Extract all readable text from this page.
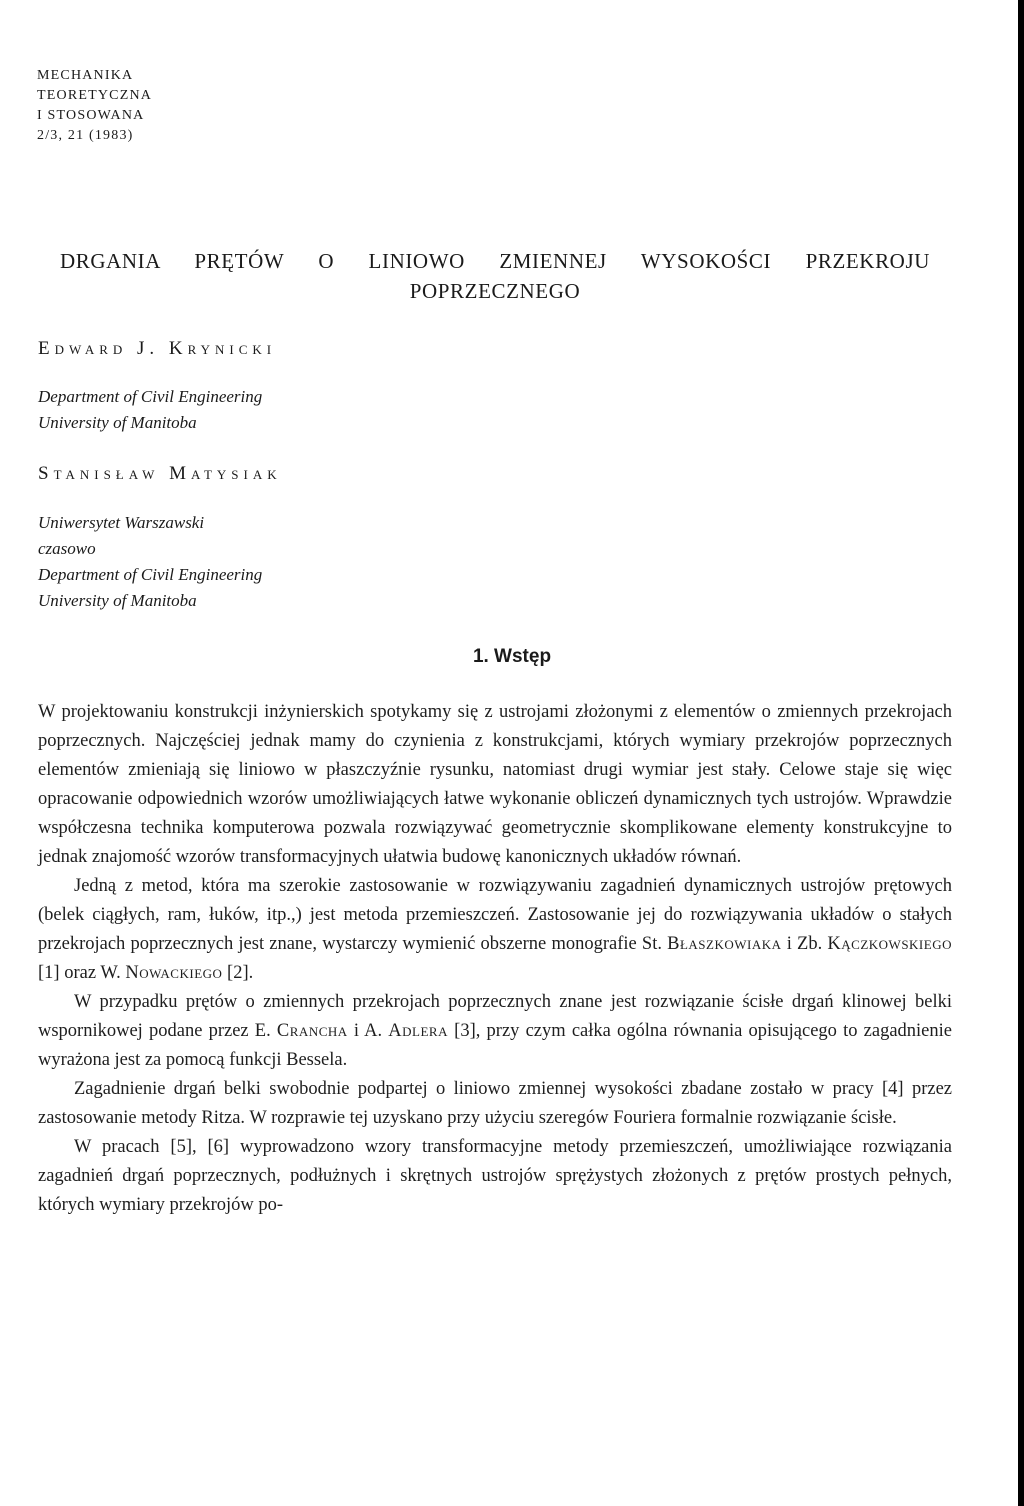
MECHANIKA
TEORETYCZNA
I STOSOWANA
2/3, 21 (1983)
DRGANIA PRĘTÓW O LINIOWO ZMIENNEJ WYSOKOŚCI PRZEKROJU
POPRZECZNEGO
Edward J. Krynicki
Department of Civil Engineering
University of Manitoba
Stanisław Matysiak
Uniwersytet Warszawski
czasowo
Department of Civil Engineering
University of Manitoba
1. Wstęp

W projektowaniu konstrukcji inżynierskich spotykamy się z ustrojami złożonymi z elementów o zmiennych przekrojach poprzecznych. Najczęściej jednak mamy do czynienia z konstrukcjami, których wymiary przekrojów poprzecznych elementów zmieniają się liniowo w płaszczyźnie rysunku, natomiast drugi wymiar jest stały. Celowe staje się więc opracowanie odpowiednich wzorów umożliwiających łatwe wykonanie obliczeń dynamicznych tych ustrojów. Wprawdzie współczesna technika komputerowa pozwala rozwiązywać geometrycznie skomplikowane elementy konstrukcyjne to jednak znajomość wzorów transformacyjnych ułatwia budowę kanonicznych układów równań.

Jedną z metod, która ma szerokie zastosowanie w rozwiązywaniu zagadnień dynamicznych ustrojów prętowych (belek ciągłych, ram, łuków, itp.,) jest metoda przemieszczeń. Zastosowanie jej do rozwiązywania układów o stałych przekrojach poprzecznych jest znane, wystarczy wymienić obszerne monografie St. Błaszkowiaka i Zb. Kączkowskiego [1] oraz W. Nowackiego [2].

W przypadku prętów o zmiennych przekrojach poprzecznych znane jest rozwiązanie ścisłe drgań klinowej belki wspornikowej podane przez E. Crancha i A. Adlera [3], przy czym całka ogólna równania opisującego to zagadnienie wyrażona jest za pomocą funkcji Bessela.

Zagadnienie drgań belki swobodnie podpartej o liniowo zmiennej wysokości zbadane zostało w pracy [4] przez zastosowanie metody Ritza. W rozprawie tej uzyskano przy użyciu szeregów Fouriera formalnie rozwiązanie ścisłe.

W pracach [5], [6] wyprowadzono wzory transformacyjne metody przemieszczeń, umożliwiające rozwiązania zagadnień drgań poprzecznych, podłużnych i skrętnych ustrojów sprężystych złożonych z prętów prostych pełnych, których wymiary przekrojów po-
